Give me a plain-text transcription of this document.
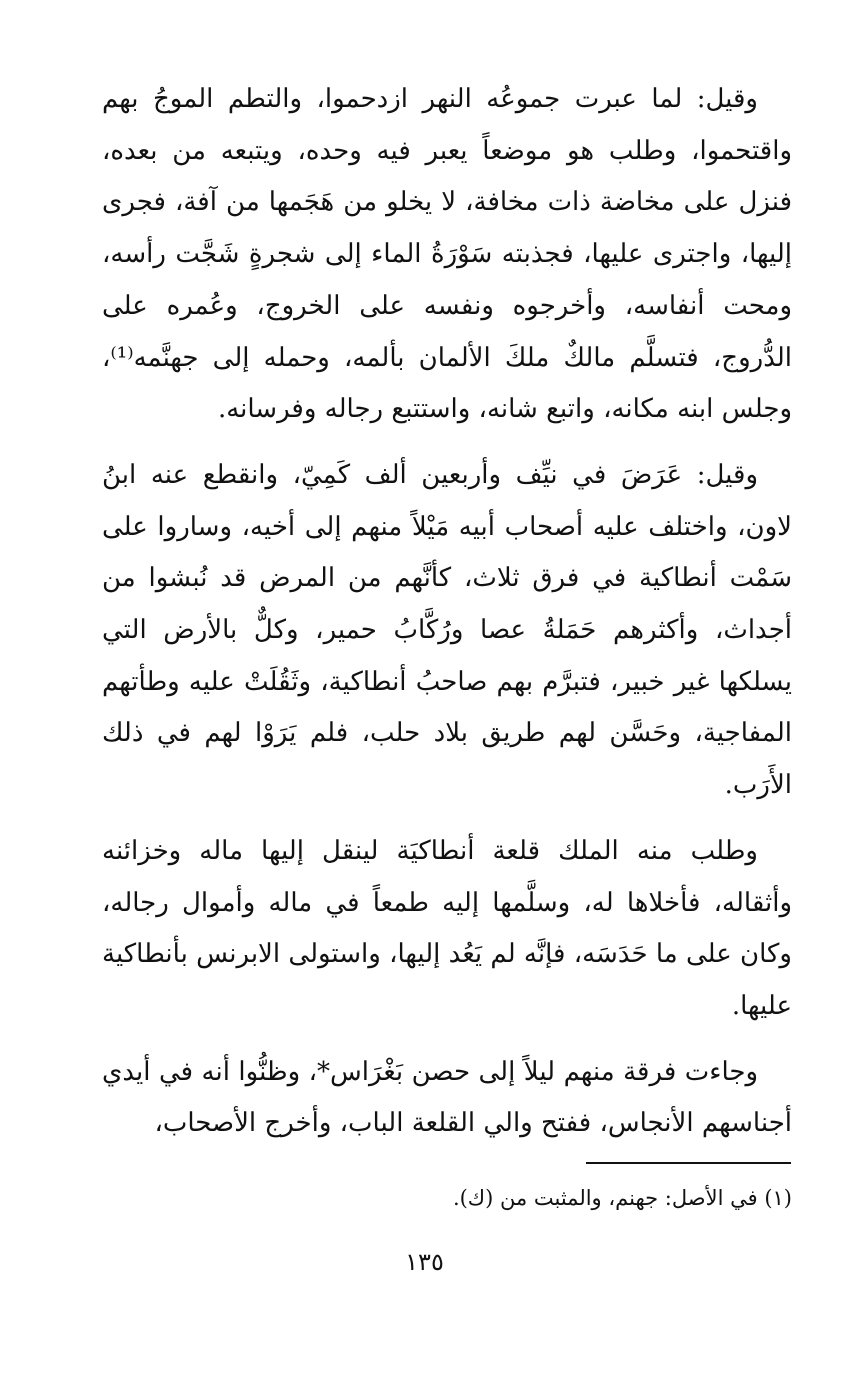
وقيل: لما عبرت جموعُه النهر ازدحموا، والتطم الموجُ بهم واقتحموا، وطلب هو موضعاً يعبر فيه وحده، ويتبعه من بعده، فنزل على مخاضة ذات مخافة، لا يخلو من هَجَمها من آفة، فجرى إليها، واجترى عليها، فجذبته سَوْرَةُ الماء إلى شجرةٍ شَجَّت رأسه، ومحت أنفاسه، وأخرجوه ونفسه على الخروج، وعُمره على الدُّروج، فتسلَّم مالكٌ ملكَ الألمان بألمه، وحمله إلى جهنَّمه⁽¹⁾، وجلس ابنه مكانه، واتبع شانه، واستتبع رجاله وفرسانه.

وقيل: عَرَضَ في نيِّف وأربعين ألف كَمِيّ، وانقطع عنه ابنُ لاون، واختلف عليه أصحاب أبيه مَيْلاً منهم إلى أخيه، وساروا على سَمْت أنطاكية في فرق ثلاث، كأنَّهم من المرض قد نُبشوا من أجداث، وأكثرهم حَمَلةُ عصا ورُكَّابُ حمير، وكلٌّ بالأرض التي يسلكها غير خبير، فتبرَّم بهم صاحبُ أنطاكية، وثَقُلَتْ عليه وطأتهم المفاجية، وحَسَّن لهم طريق بلاد حلب، فلم يَرَوْا لهم في ذلك الأَرَب.

وطلب منه الملك قلعة أنطاكيَة لينقل إليها ماله وخزائنه وأثقاله، فأخلاها له، وسلَّمها إليه طمعاً في ماله وأموال رجاله، وكان على ما حَدَسَه، فإنَّه لم يَعُد إليها، واستولى الابرنس بأنطاكية عليها.

وجاءت فرقة منهم ليلاً إلى حصن بَغْرَاس*، وظنُّوا أنه في أيدي أجناسهم الأنجاس، ففتح والي القلعة الباب، وأخرج الأصحاب،

(١) في الأصل: جهنم، والمثبت من (ك).
١٣٥
